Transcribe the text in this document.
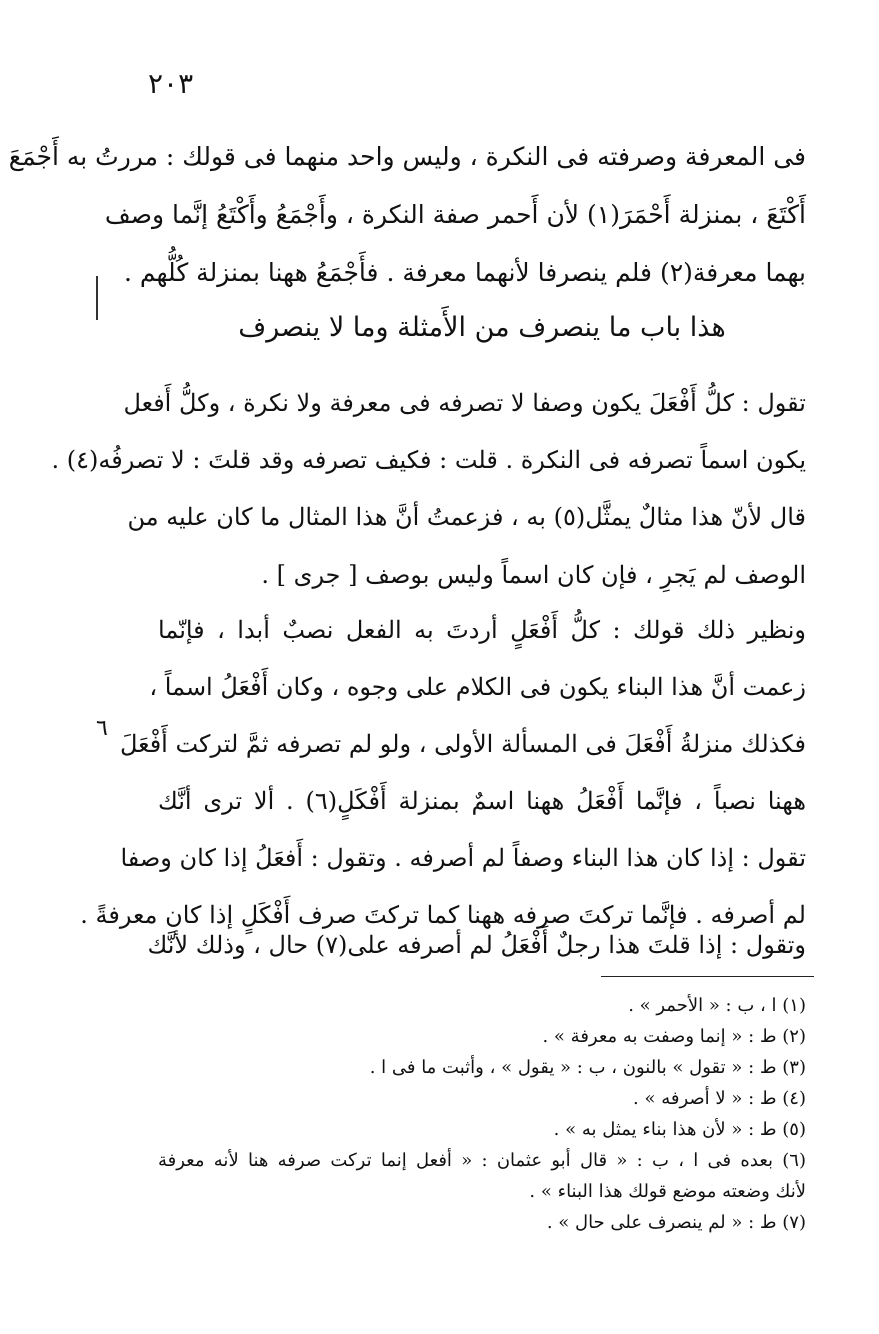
٢٠٣
٦
فى المعرفة وصرفته فى النكرة ، وليس واحد منهما فى قولك : مررتُ به أَجْمَعَ
أَكْتَعَ ، بمنزلة أَحْمَرَ(١) لأن أَحمر صفة النكرة ، وأَجْمَعُ وأَكْتَعُ إنَّما وصف
بهما معرفة(٢) فلم ينصرفا لأنهما معرفة . فأَجْمَعُ ههنا بمنزلة كُلُّهم .
هذا باب ما ينصرف من الأَمثلة وما لا ينصرف
تقول : كلُّ أَفْعَلَ يكون وصفا لا تصرفه فى معرفة ولا نكرة ، وكلُّ أَفعل
يكون اسماً تصرفه فى النكرة . قلت : فكيف تصرفه وقد قلتَ : لا تصرفُه(٤) .
قال لأنّ هذا مثالٌ يمثَّل(٥) به ، فزعمتُ أنَّ هذا المثال ما كان عليه من
الوصف لم يَجرِ ، فإن كان اسماً وليس بوصف [ جرى ] .
ونظير ذلك قولك : كلُّ أَفْعَلٍ أردتَ به الفعل نصبٌ أبدا ، فإنّما
زعمت أنَّ هذا البناء يكون فى الكلام على وجوه ، وكان أَفْعَلُ اسماً ،
فكذلك منزلةُ أَفْعَلَ فى المسألة الأولى ، ولو لم تصرفه ثمَّ لتركت أَفْعَلَ
ههنا نصباً ، فإنَّما أَفْعَلُ ههنا اسمٌ بمنزلة أَفْكَلٍ(٦) . ألا ترى أنَّك
تقول : إذا كان هذا البناء وصفاً لم أصرفه . وتقول : أَفعَلُ إذا كان وصفا
لم أصرفه . فإنَّما تركتَ صرفه ههنا كما تركتَ صرف أَفْكَلٍ إذا كان معرفةً .
وتقول : إذا قلتَ هذا رجلٌ أَفْعَلُ لم أصرفه على(٧) حال ، وذلك لأنَّك
(١) ا ، ب : « الأحمر » .
(٢) ط : « إنما وصفت به معرفة » .
(٣) ط : « تقول » بالنون ، ب : « يقول » ، وأثبت ما فى ا .
(٤) ط : « لا أصرفه » .
(٥) ط : « لأن هذا بناء يمثل به » .
(٦) بعده فى ا ، ب : « قال أبو عثمان : « أفعل إنما تركت صرفه هنا لأنه معرفة
لأنك وضعته موضع قولك هذا البناء » .
(٧) ط : « لم ينصرف على حال » .
